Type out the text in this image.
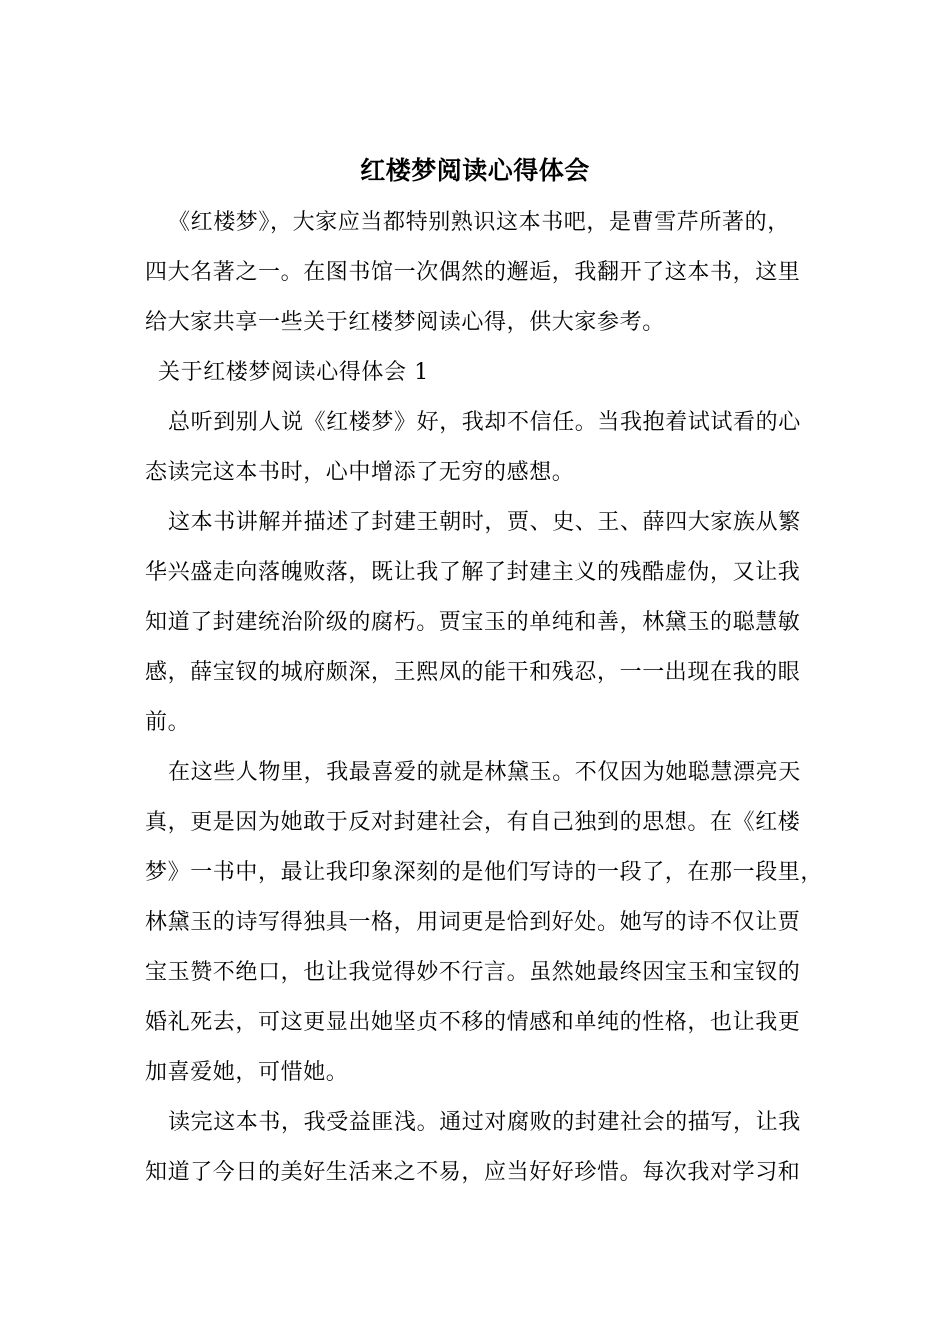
红楼梦阅读心得体会
《红楼梦》，大家应当都特别熟识这本书吧，是曹雪芹所著的，
四大名著之一。在图书馆一次偶然的邂逅，我翻开了这本书，这里
给大家共享一些关于红楼梦阅读心得，供大家参考。
关于红楼梦阅读心得体会 1
总听到别人说《红楼梦》好，我却不信任。当我抱着试试看的心
态读完这本书时，心中增添了无穷的感想。
这本书讲解并描述了封建王朝时，贾、史、王、薛四大家族从繁
华兴盛走向落魄败落，既让我了解了封建主义的残酷虚伪，又让我
知道了封建统治阶级的腐朽。贾宝玉的单纯和善，林黛玉的聪慧敏
感，薛宝钗的城府颇深，王熙凤的能干和残忍，一一出现在我的眼
前。
在这些人物里，我最喜爱的就是林黛玉。不仅因为她聪慧漂亮天
真，更是因为她敢于反对封建社会，有自己独到的思想。在《红楼
梦》一书中，最让我印象深刻的是他们写诗的一段了，在那一段里，
林黛玉的诗写得独具一格，用词更是恰到好处。她写的诗不仅让贾
宝玉赞不绝口，也让我觉得妙不行言。虽然她最终因宝玉和宝钗的
婚礼死去，可这更显出她坚贞不移的情感和单纯的性格，也让我更
加喜爱她，可惜她。
读完这本书，我受益匪浅。通过对腐败的封建社会的描写，让我
知道了今日的美好生活来之不易，应当好好珍惜。每次我对学习和
